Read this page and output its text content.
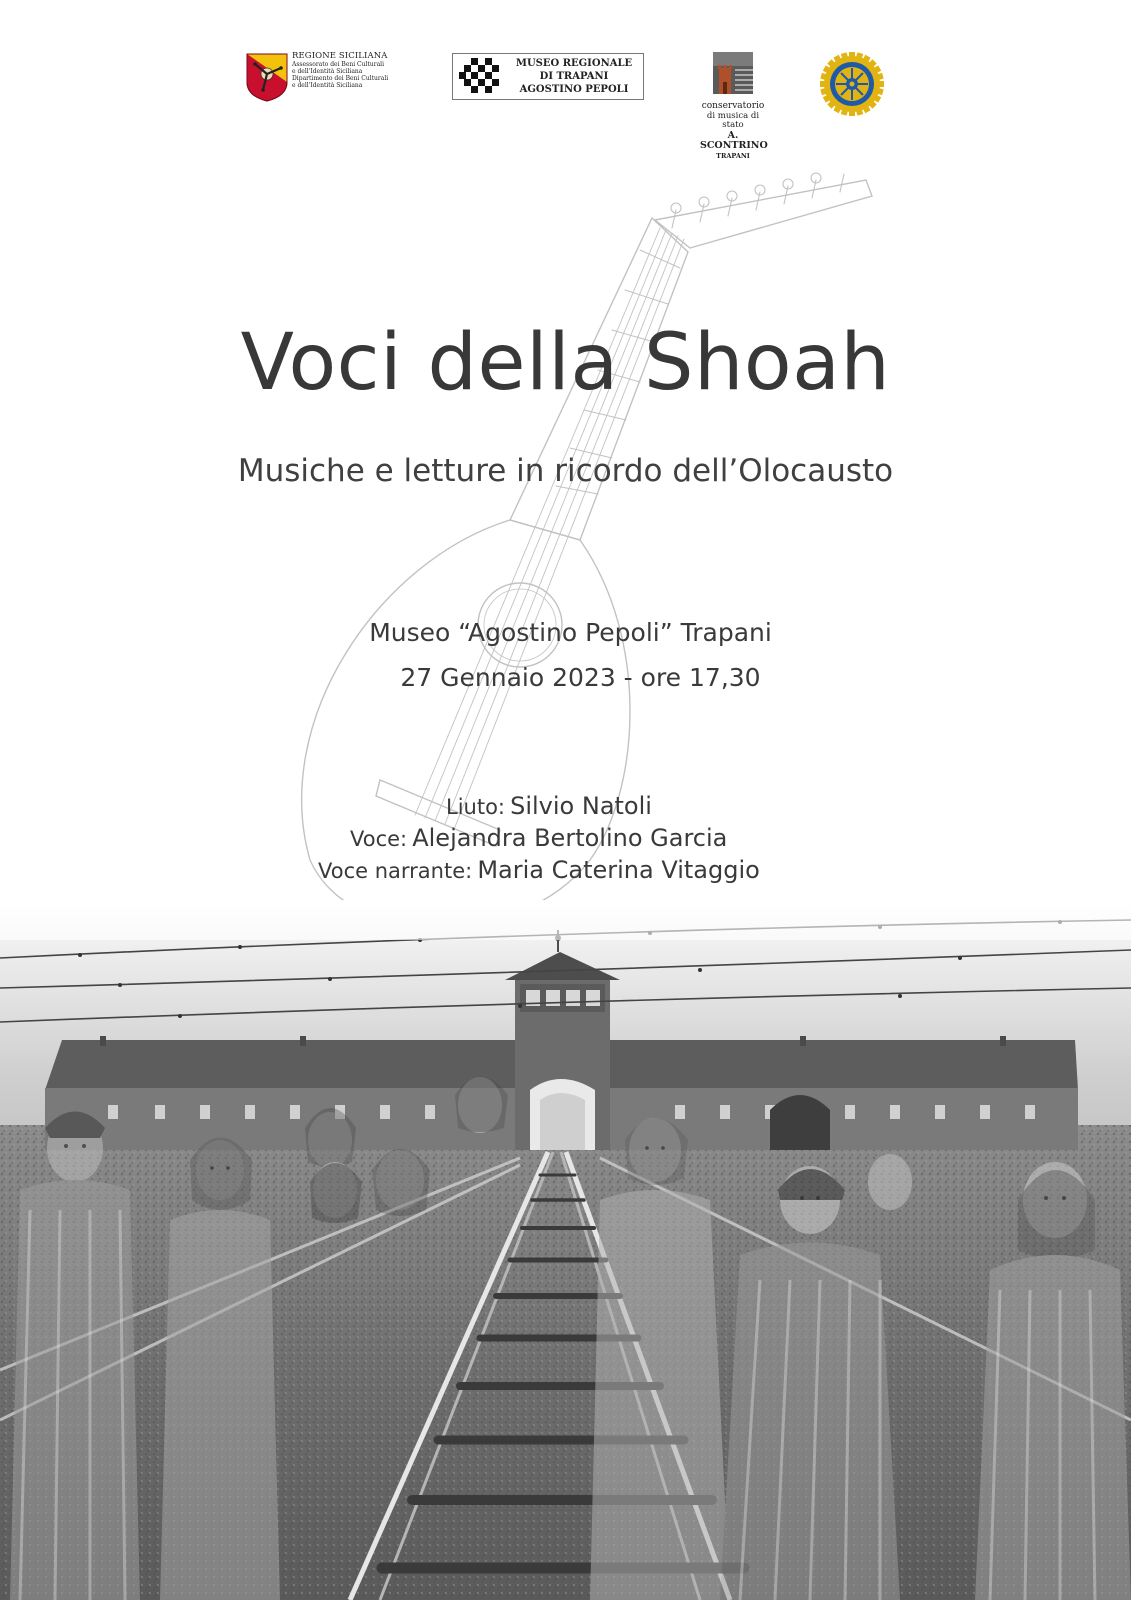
REGIONE SICILIANA
Assessorato dei Beni Culturali
e dell'Identità Siciliana
Dipartimento dei Beni Culturali
e dell'Identità Siciliana
MUSEO REGIONALE
DI TRAPANI
AGOSTINO PEPOLI
conservatorio
di musica di stato
A. SCONTRINO
TRAPANI
Voci della Shoah
Musiche e letture in ricordo dell’Olocausto
Museo “Agostino Pepoli” Trapani
27 Gennaio 2023 - ore 17,30
Liuto: Silvio Natoli
Voce: Alejandra Bertolino Garcia
Voce narrante: Maria Caterina Vitaggio
